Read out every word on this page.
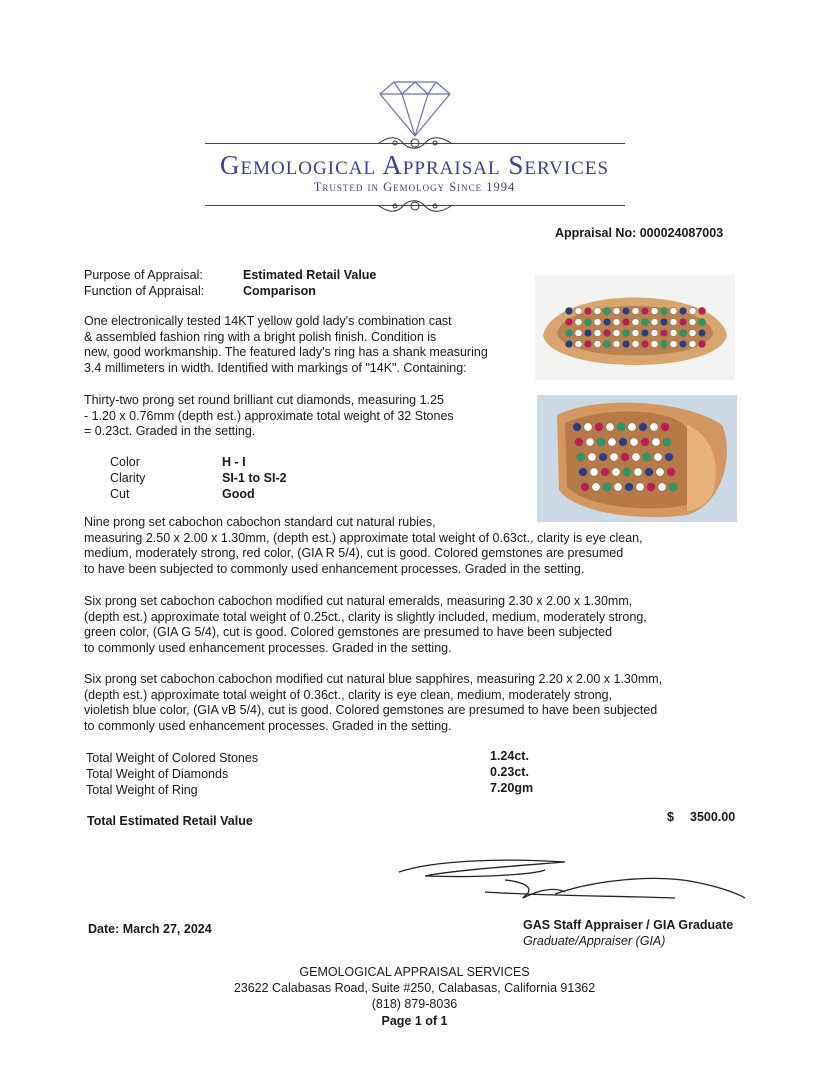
Gemological Appraisal Services
Trusted in Gemology Since 1994
Appraisal No: 000024087003
Purpose of Appraisal:	Estimated Retail Value
Function of Appraisal:	Comparison
One electronically tested 14KT yellow gold lady's combination cast
& assembled fashion ring with a bright polish finish. Condition is
new, good workmanship. The featured lady's ring has a shank measuring
3.4 millimeters in width. Identified with markings of "14K". Containing:
Thirty-two prong set round brilliant cut diamonds, measuring 1.25
- 1.20 x 0.76mm (depth est.) approximate total weight of 32 Stones
= 0.23ct. Graded in the setting.
Color	H - I
Clarity	SI-1 to SI-2
Cut	Good
Nine prong set cabochon cabochon standard cut natural rubies,
measuring 2.50 x 2.00 x 1.30mm, (depth est.) approximate total weight of 0.63ct., clarity is eye clean,
medium, moderately strong, red color, (GIA R 5/4), cut is good. Colored gemstones are presumed
to have been subjected to commonly used enhancement processes. Graded in the setting.
Six prong set cabochon cabochon modified cut natural emeralds, measuring 2.30 x 2.00 x 1.30mm,
(depth est.) approximate total weight of 0.25ct., clarity is slightly included, medium, moderately strong,
green color, (GIA G 5/4), cut is good. Colored gemstones are presumed to have been subjected
to commonly used enhancement processes. Graded in the setting.
Six prong set cabochon cabochon modified cut natural blue sapphires, measuring 2.20 x 2.00 x 1.30mm,
(depth est.) approximate total weight of 0.36ct., clarity is eye clean, medium, moderately strong,
violetish blue color, (GIA vB 5/4), cut is good. Colored gemstones are presumed to have been subjected
to commonly used enhancement processes. Graded in the setting.
Total Weight of Colored Stones	1.24ct.
Total Weight of Diamonds	0.23ct.
Total Weight of Ring	7.20gm
Total Estimated Retail Value	$ 3500.00
Date: March 27, 2024	GAS Staff Appraiser / GIA Graduate
Graduate/Appraiser (GIA)
GEMOLOGICAL APPRAISAL SERVICES
23622 Calabasas Road, Suite #250, Calabasas, California 91362
(818) 879-8036
Page 1 of 1
